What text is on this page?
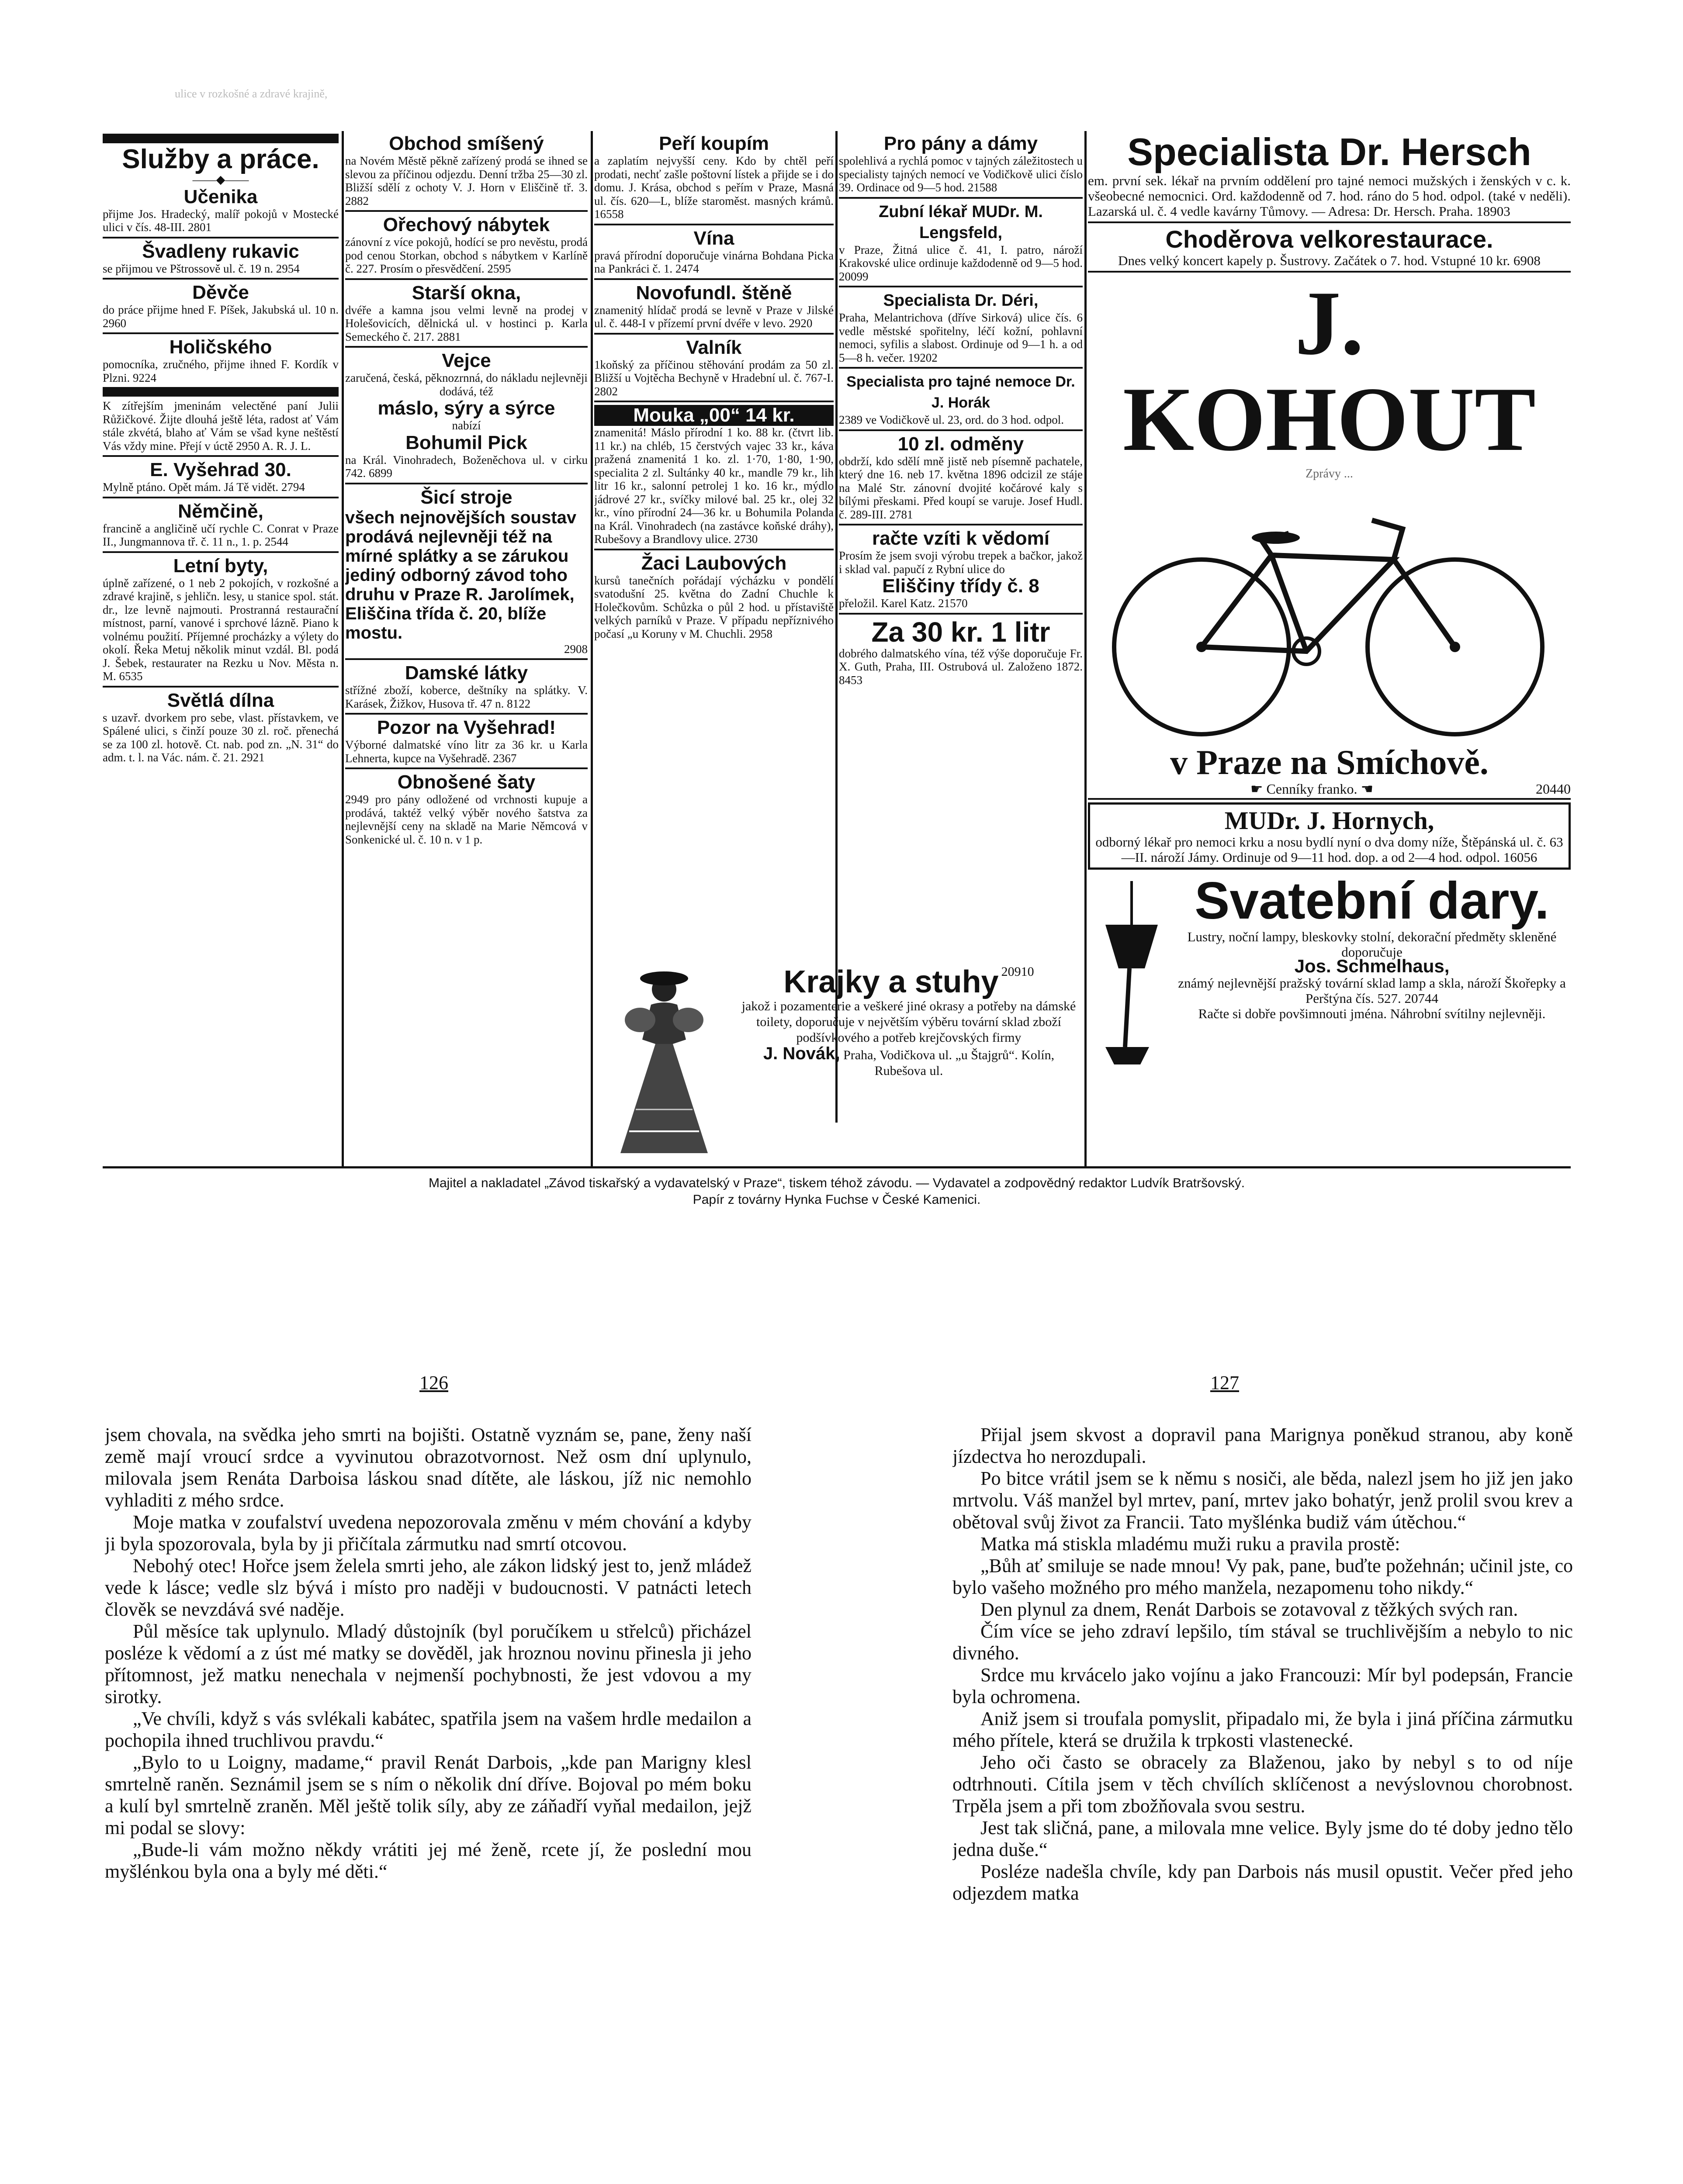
ulice v rozkošné a zdravé krajině,
Služby a práce.
——◆——
Učenika

přijme Jos. Hradecký, malíř pokojů v Mostecké ulici v čís. 48-III. 2801

Švadleny rukavic

se přijmou ve Pštrossově ul. č. 19 n. 2954

Děvče

do práce přijme hned F. Píšek, Jakubská ul. 10 n. 2960

Holičského

pomocníka, zručného, přijme ihned F. Kordík v Plzni. 9224

K zítřejším jmeninám velectěné paní Julii Růžičkové. Žijte dlouhá ještě léta, radost ať Vám stále zkvétá, blaho ať Vám se všad kyne neštěstí Vás vždy mine. Přejí v úctě 2950 A. R. J. L.

E. Vyšehrad 30.

Mylně ptáno. Opět mám. Já Tě vidět. 2794

Němčině,

francině a angličině učí rychle C. Conrat v Praze II., Jungmannova tř. č. 11 n., 1. p. 2544

Letní byty,

úplně zařízené, o 1 neb 2 pokojích, v rozkošné a zdravé krajině, s jehličn. lesy, u stanice spol. stát. dr., lze levně najmouti. Prostranná restaurační místnost, parní, vanové i sprchové lázně. Piano k volnému použití. Příjemné procházky a výlety do okolí. Řeka Metuj několik minut vzdál. Bl. podá J. Šebek, restaurater na Rezku u Nov. Města n. M. 6535

Světlá dílna

s uzavř. dvorkem pro sebe, vlast. přístavkem, ve Spálené ulici, s činží pouze 30 zl. roč. přenechá se za 100 zl. hotově. Ct. nab. pod zn. „N. 31“ do adm. t. l. na Vác. nám. č. 21. 2921

Obchod smíšený

na Novém Městě pěkně zařízený prodá se ihned se slevou za příčinou odjezdu. Denní tržba 25—30 zl. Bližší sdělí z ochoty V. J. Horn v Eliščině tř. 3. 2882

Ořechový nábytek

zánovní z více pokojů, hodící se pro nevěstu, prodá pod cenou Storkan, obchod s nábytkem v Karlíně č. 227. Prosím o přesvědčení. 2595

Starší okna,

dvéře a kamna jsou velmi levně na prodej v Holešovicích, dělnická ul. v hostinci p. Karla Semeckého č. 217. 2881

Vejce

zaručená, česká, pěknozrnná, do nákladu nejlevněji dodává, též

máslo, sýry a sýrce

nabízí

Bohumil Pick

na Král. Vinohradech, Boženěchova ul. v cirku 742. 6899

Šicí stroje
všech nejnovějších soustav prodává nejlevněji též na mírné splátky a se zárukou jediný odborný závod toho druhu v Praze R. Jarolímek, Eliščina třída č. 20, blíže mostu.

2908

Damské látky

střížné zboží, koberce, deštníky na splátky. V. Karásek, Žižkov, Husova tř. 47 n. 8122

Pozor na Vyšehrad!

Výborné dalmatské víno litr za 36 kr. u Karla Lehnerta, kupce na Vyšehradě. 2367

Obnošené šaty

2949 pro pány odložené od vrchnosti kupuje a prodává, taktéž velký výběr nového šatstva za nejlevnější ceny na skladě na Marie Němcová v Sonkenické ul. č. 10 n. v 1 p.

Peří koupím

a zaplatím nejvyšší ceny. Kdo by chtěl peří prodati, nechť zašle poštovní lístek a přijde se i do domu. J. Krása, obchod s peřím v Praze, Masná ul. čís. 620—L, blíže staroměst. masných krámů. 16558

Vína

pravá přírodní doporučuje vinárna Bohdana Picka na Pankráci č. 1. 2474

Novofundl. štěně

znamenitý hlídač prodá se levně v Praze v Jilské ul. č. 448-I v přízemí první dvéře v levo. 2920

Valník

1koňský za příčinou stěhování prodám za 50 zl. Bližší u Vojtěcha Bechyně v Hradební ul. č. 767-I. 2802

Mouka „00“ 14 kr.

znamenitá! Máslo přírodní 1 ko. 88 kr. (čtvrt lib. 11 kr.) na chléb, 15 čerstvých vajec 33 kr., káva pražená znamenitá 1 ko. zl. 1·70, 1·80, 1·90, specialita 2 zl. Sultánky 40 kr., mandle 79 kr., lih litr 16 kr., salonní petrolej 1 ko. 16 kr., mýdlo jádrové 27 kr., svíčky milové bal. 25 kr., olej 32 kr., víno přírodní 24—36 kr. u Bohumila Polanda na Král. Vinohradech (na zastávce koňské dráhy), Rubešovy a Brandlovy ulice. 2730

Žaci Laubových

kursů tanečních pořádají výcházku v pondělí svatodušní 25. května do Zadní Chuchle k Holečkovům. Schůzka o půl 2 hod. u přístaviště velkých parníků v Praze. V případu nepříznivého počasí „u Koruny v M. Chuchli. 2958

Pro pány a dámy

spolehlivá a rychlá pomoc v tajných záležitostech u specialisty tajných nemocí ve Vodičkově ulici číslo 39. Ordinace od 9—5 hod. 21588

Zubní lékař MUDr. M. Lengsfeld,

v Praze, Žitná ulice č. 41, I. patro, nároží Krakovské ulice ordinuje každodenně od 9—5 hod. 20099

Specialista Dr. Déri,

Praha, Melantrichova (dříve Sirková) ulice čís. 6 vedle městské spořitelny, léčí kožní, pohlavní nemoci, syfilis a slabost. Ordinuje od 9—1 h. a od 5—8 h. večer. 19202

Specialista pro tajné nemoce Dr. J. Horák

2389 ve Vodičkově ul. 23, ord. do 3 hod. odpol.

10 zl. odměny

obdrží, kdo sdělí mně jistě neb písemně pachatele, který dne 16. neb 17. května 1896 odcizil ze stáje na Malé Str. zánovní dvojité kočárové kaly s bílými přeskami. Před koupí se varuje. Josef Hudl. č. 289-III. 2781

račte vzíti k vědomí

Prosím že jsem svoji výrobu trepek a bačkor, jakož i sklad val. papučí z Rybní ulice do

Eliščiny třídy č. 8

přeložil. Karel Katz. 21570

Za 30 kr. 1 litr

dobrého dalmatského vína, též výše doporučuje Fr. X. Guth, Praha, III. Ostrubová ul. Založeno 1872. 8453

Krajky a stuhy 20910

jakož i pozamenterie a veškeré jiné okrasy a potřeby na dámské toilety, doporučuje v největším výběru tovární sklad zboží podšívkového a potřeb krejčovských firmy

J. Novák, Praha, Vodičkova ul. „u Štajgrů“. Kolín, Rubešova ul.

Specialista Dr. Hersch

em. první sek. lékař na prvním oddělení pro tajné nemoci mužských i ženských v c. k. všeobecné nemocnici. Ord. každodenně od 7. hod. ráno do 5 hod. odpol. (také v neděli). Lazarská ul. č. 4 vedle kavárny Tůmovy. — Adresa: Dr. Hersch. Praha. 18903

Choděrova velkorestaurace.

Dnes velký koncert kapely p. Šustrovy. Začátek o 7. hod. Vstupné 10 kr. 6908

J. KOHOUT
Zprávy ...
v Praze na Smíchově.
☛ Cenníky franko. ☚	20440
MUDr. J. Hornych,

odborný lékař pro nemoci krku a nosu bydlí nyní o dva domy níže, Štěpánská ul. č. 63—II. nároží Jámy. Ordinuje od 9—11 hod. dop. a od 2—4 hod. odpol. 16056

Svatební dary.

Lustry, noční lampy, bleskovky stolní, dekorační předměty skleněné doporučuje

Jos. Schmelhaus,

známý nejlevnější pražský tovární sklad lamp a skla, nároží Škořepky a Perštýna čís. 527. 20744

Račte si dobře povšimnouti jména. Náhrobní svítilny nejlevněji.

Majitel a nakladatel „Závod tiskařský a vydavatelský v Praze“, tiskem téhož závodu. — Vydavatel a zodpovědný redaktor Ludvík Bratršovský.
Papír z továrny Hynka Fuchse v České Kamenici.
126	127

jsem chovala, na svědka jeho smrti na bojišti. Ostatně vyznám se, pane, ženy naší země mají vroucí srdce a vyvinutou obrazotvornost. Než osm dní uplynulo, milovala jsem Renáta Darboisa láskou snad dítěte, ale láskou, jíž nic nemohlo vyhladiti z mého srdce.

Moje matka v zoufalství uvedena nepozorovala změnu v mém chování a kdyby ji byla spozorovala, byla by ji přičítala zármutku nad smrtí otcovou.

Nebohý otec! Hořce jsem želela smrti jeho, ale zákon lidský jest to, jenž mládež vede k lásce; vedle slz bývá i místo pro naději v budoucnosti. V patnácti letech člověk se nevzdává své naděje.

Půl měsíce tak uplynulo. Mladý důstojník (byl poručíkem u střelců) přicházel posléze k vědomí a z úst mé matky se dověděl, jak hroznou novinu přinesla ji jeho přítomnost, jež matku nenechala v nejmenší pochybnosti, že jest vdovou a my sirotky.

„Ve chvíli, když s vás svlékali kabátec, spatřila jsem na vašem hrdle medailon a pochopila ihned truchlivou pravdu.“

„Bylo to u Loigny, madame,“ pravil Renát Darbois, „kde pan Marigny klesl smrtelně raněn. Seznámil jsem se s ním o několik dní dříve. Bojoval po mém boku a kulí byl smrtelně zraněn. Měl ještě tolik síly, aby ze záňadří vyňal medailon, jejž mi podal se slovy:

„Bude-li vám možno někdy vrátiti jej mé ženě, rcete jí, že poslední mou myšlénkou byla ona a byly mé děti.“

Přijal jsem skvost a dopravil pana Marignya poněkud stranou, aby koně jízdectva ho nerozdupali.

Po bitce vrátil jsem se k němu s nosiči, ale běda, nalezl jsem ho již jen jako mrtvolu. Váš manžel byl mrtev, paní, mrtev jako bohatýr, jenž prolil svou krev a obětoval svůj život za Francii. Tato myšlénka budiž vám útěchou.“

Matka má stiskla mladému muži ruku a pravila prostě:

„Bůh ať smiluje se nade mnou! Vy pak, pane, buďte požehnán; učinil jste, co bylo vašeho možného pro mého manžela, nezapomenu toho nikdy.“

Den plynul za dnem, Renát Darbois se zotavoval z těžkých svých ran.

Čím více se jeho zdraví lepšilo, tím stával se truchlivějším a nebylo to nic divného.

Srdce mu krvácelo jako vojínu a jako Francouzi: Mír byl podepsán, Francie byla ochromena.

Aniž jsem si troufala pomyslit, připadalo mi, že byla i jiná příčina zármutku mého přítele, která se družila k trpkosti vlastenecké.

Jeho oči často se obracely za Blaženou, jako by nebyl s to od níje odtrhnouti. Cítila jsem v těch chvílích sklíčenost a nevýslovnou chorobnost. Trpěla jsem a při tom zbožňovala svou sestru.

Jest tak sličná, pane, a milovala mne velice. Byly jsme do té doby jedno tělo jedna duše.“

Posléze nadešla chvíle, kdy pan Darbois nás musil opustit. Večer před jeho odjezdem matka
